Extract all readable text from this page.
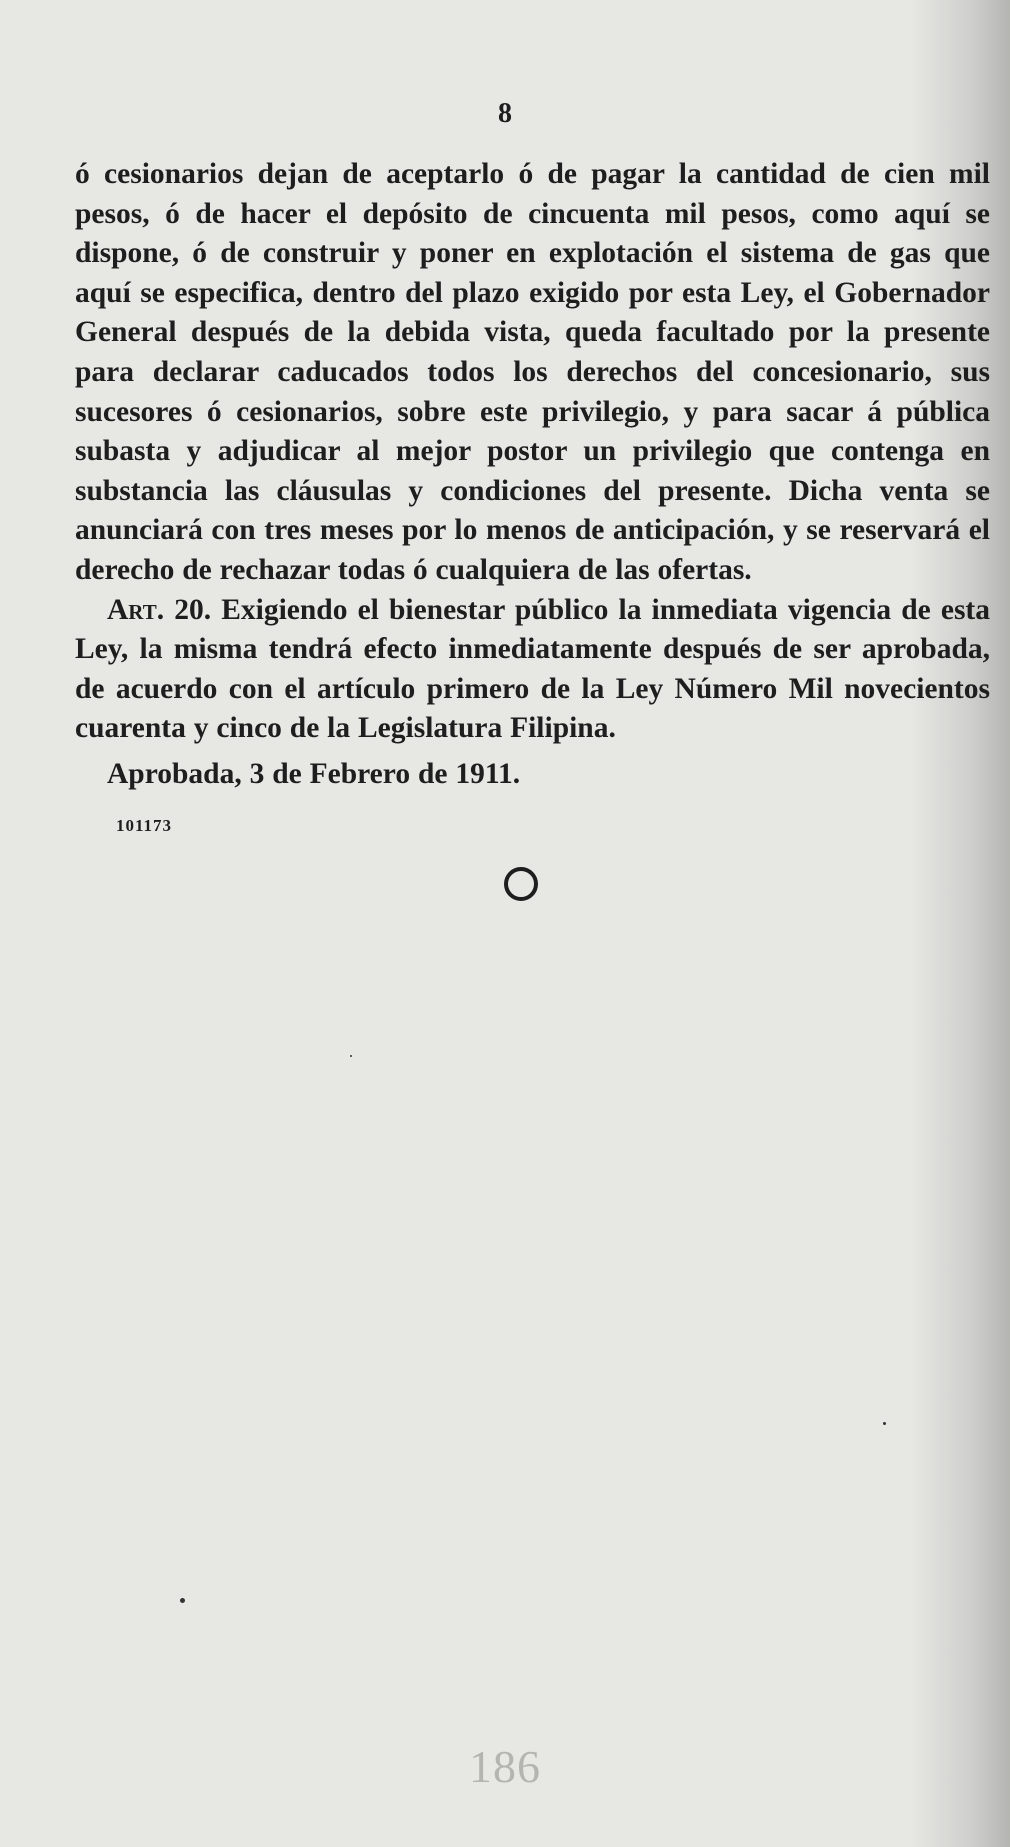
8

ó cesionarios dejan de aceptarlo ó de pagar la cantidad de cien mil pesos, ó de hacer el depósito de cincuenta mil pesos, como aquí se dispone, ó de construir y poner en explotación el sistema de gas que aquí se especifica, dentro del plazo exigido por esta Ley, el Gobernador General después de la debida vista, queda facultado por la presente para declarar caducados todos los derechos del concesionario, sus sucesores ó cesionarios, sobre este privilegio, y para sacar á pública subasta y adjudicar al mejor postor un privilegio que contenga en substancia las cláusulas y condiciones del presente. Dicha venta se anunciará con tres meses por lo menos de anticipación, y se reservará el derecho de rechazar todas ó cualquiera de las ofertas.

Art. 20. Exigiendo el bienestar público la inmediata vigencia de esta Ley, la misma tendrá efecto inmediatamente después de ser aprobada, de acuerdo con el artículo primero de la Ley Número Mil novecientos cuarenta y cinco de la Legislatura Filipina.

Aprobada, 3 de Febrero de 1911.

101173
186
